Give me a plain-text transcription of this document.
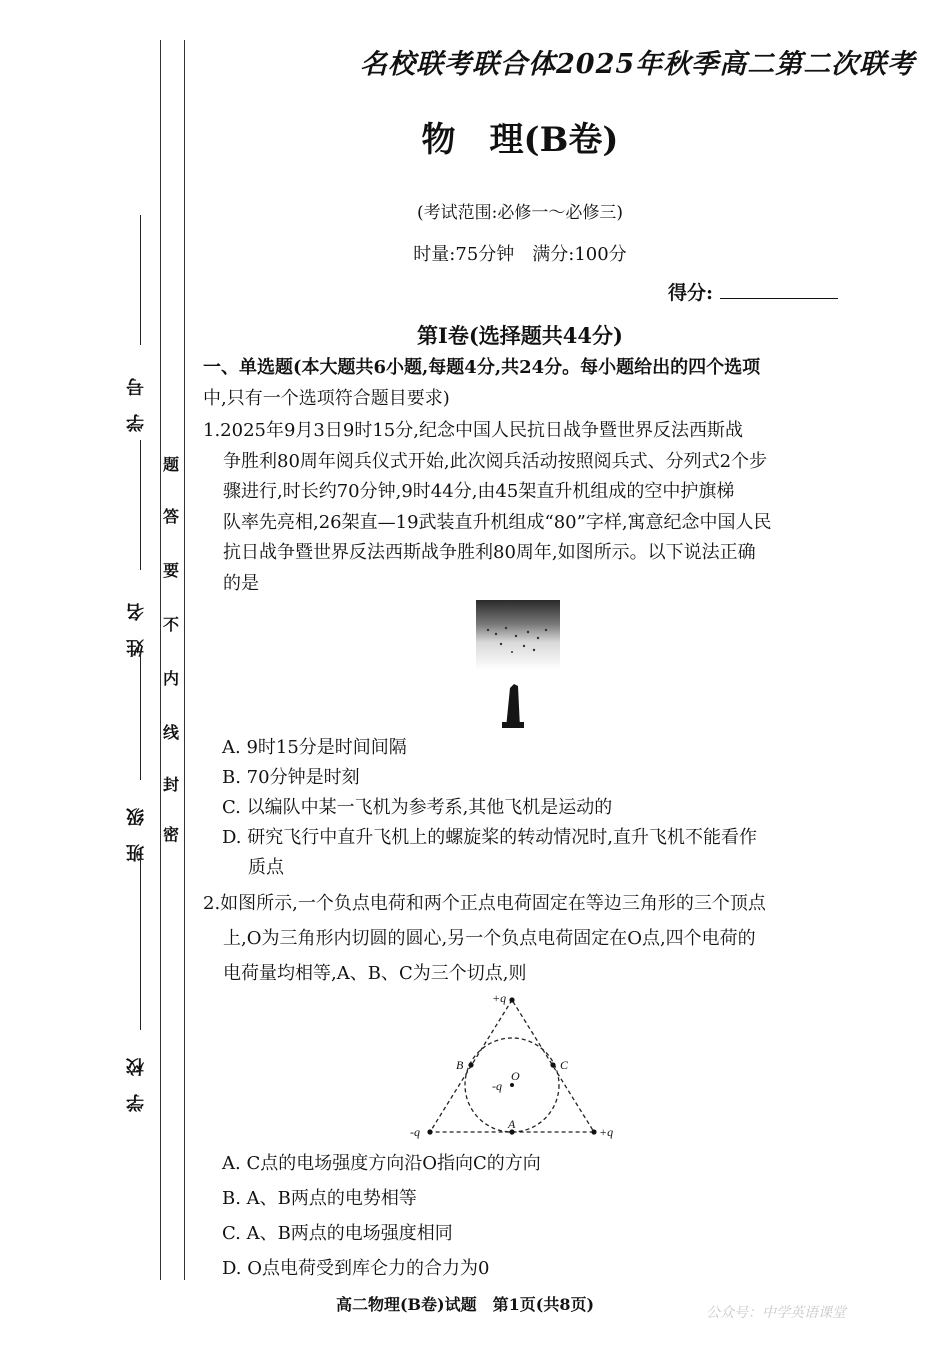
学号
姓名
班级
学校
密
封
线
内
不
要
答
题
名校联考联合体2025年秋季高二第二次联考
物　理(B卷)
(考试范围:必修一～必修三)
时量:75分钟　满分:100分
得分:
第Ⅰ卷(选择题共44分)
一、单选题(本大题共6小题,每题4分,共24分。每小题给出的四个选项
中,只有一个选项符合题目要求)
1.2025年9月3日9时15分,纪念中国人民抗日战争暨世界反法西斯战
争胜利80周年阅兵仪式开始,此次阅兵活动按照阅兵式、分列式2个步
骤进行,时长约70分钟,9时44分,由45架直升机组成的空中护旗梯
队率先亮相,26架直—19武装直升机组成“80”字样,寓意纪念中国人民
抗日战争暨世界反法西斯战争胜利80周年,如图所示。以下说法正确
的是
A. 9时15分是时间间隔
B. 70分钟是时刻
C. 以编队中某一飞机为参考系,其他飞机是运动的
D. 研究飞行中直升飞机上的螺旋桨的转动情况时,直升飞机不能看作
质点
2.如图所示,一个负点电荷和两个正点电荷固定在等边三角形的三个顶点
上,O为三角形内切圆的圆心,另一个负点电荷固定在O点,四个电荷的
电荷量均相等,A、B、C为三个切点,则
+q
-q	+q
-q
O
A
B	C
A. C点的电场强度方向沿O指向C的方向
B. A、B两点的电势相等
C. A、B两点的电场强度相同
D. O点电荷受到库仑力的合力为0
高二物理(B卷)试题　第1页(共8页)	公众号：中学英语课堂
